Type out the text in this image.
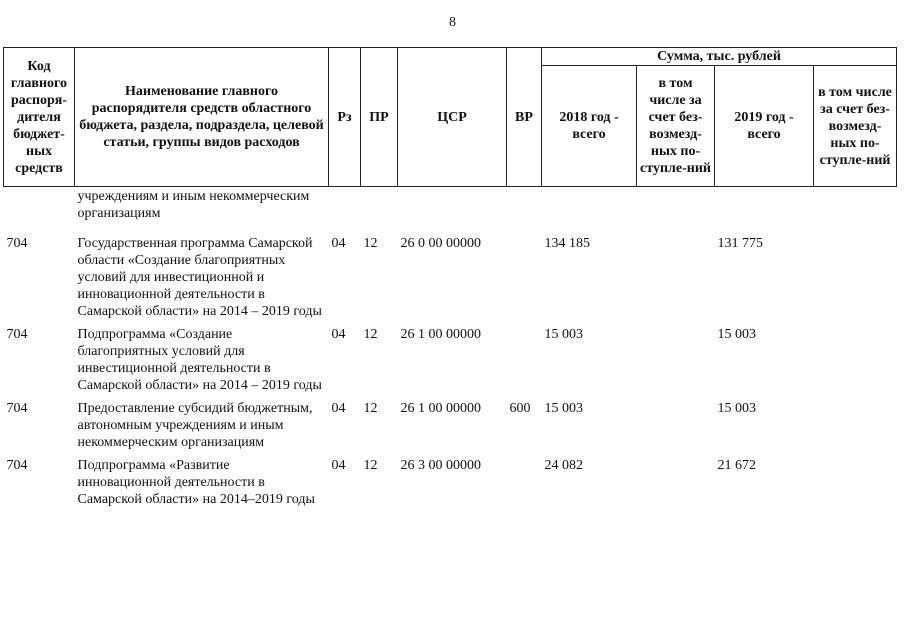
8
Код главного распоря-дителя бюджет-ных средств	Наименование главного распорядителя средств областного бюджета, раздела, подраздела, целевой статьи, группы видов расходов	Рз	ПР	ЦСР	ВР	Сумма, тыс. рублей			
						2018 год - всего	в том числе за счет без-возмезд-ных по-ступле-ний	2019 год - всего	в том числе за счет без-возмезд-ных по-ступле-ний
	учреждениям и иным некоммерческим организациям								
704	Государственная программа Самарской области «Создание благоприятных условий для инвестиционной и инновационной деятельности в Самарской области» на 2014 – 2019 годы	04	12	26 0 00 00000		134 185		131 775	
704	Подпрограмма «Создание благоприятных условий для инвестиционной деятельности в Самарской области» на 2014 – 2019 годы	04	12	26 1 00 00000		15 003		15 003	
704	Предоставление субсидий бюджетным, автономным учреждениям и иным некоммерческим организациям	04	12	26 1 00 00000	600	15 003		15 003	
704	Подпрограмма «Развитие инновационной деятельности в Самарской области» на 2014–2019 годы	04	12	26 3 00 00000		24 082		21 672	
